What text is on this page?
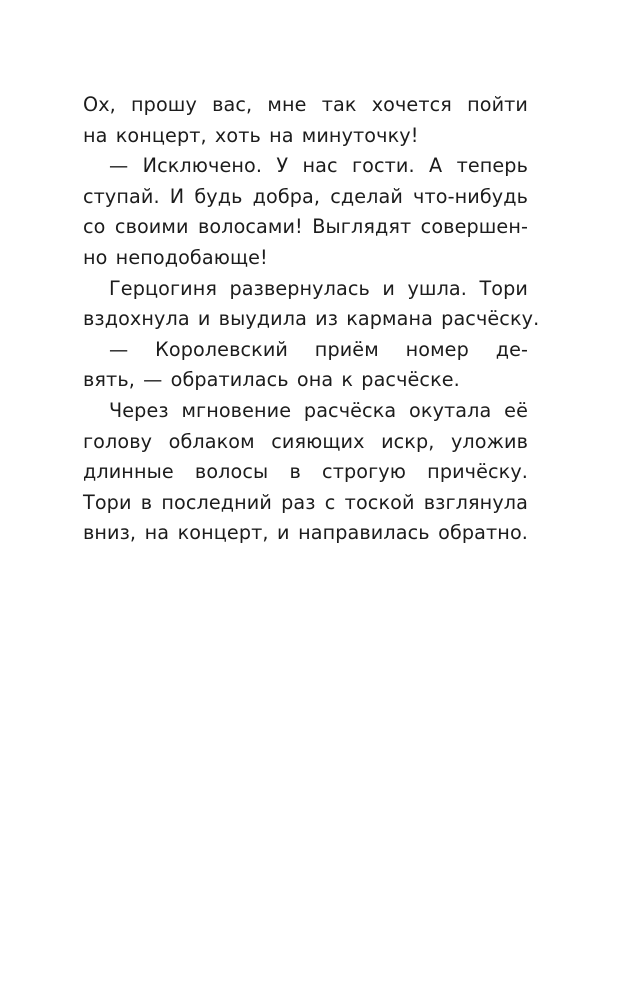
Ох, прошу вас, мне так хочется пойти
на концерт, хоть на минуточку!
— Исключено. У нас гости. А теперь
ступай. И будь добра, сделай что-нибудь
со своими волосами! Выглядят совершен-
но неподобающе!
Герцогиня развернулась и ушла. Тори
вздохнула и выудила из кармана расчёску.
— Королевский приём номер де-
вять, — обратилась она к расчёске.
Через мгновение расчёска окутала её
голову облаком сияющих искр, уложив
длинные волосы в строгую причёску.
Тори в последний раз с тоской взглянула
вниз, на концерт, и направилась обратно.
